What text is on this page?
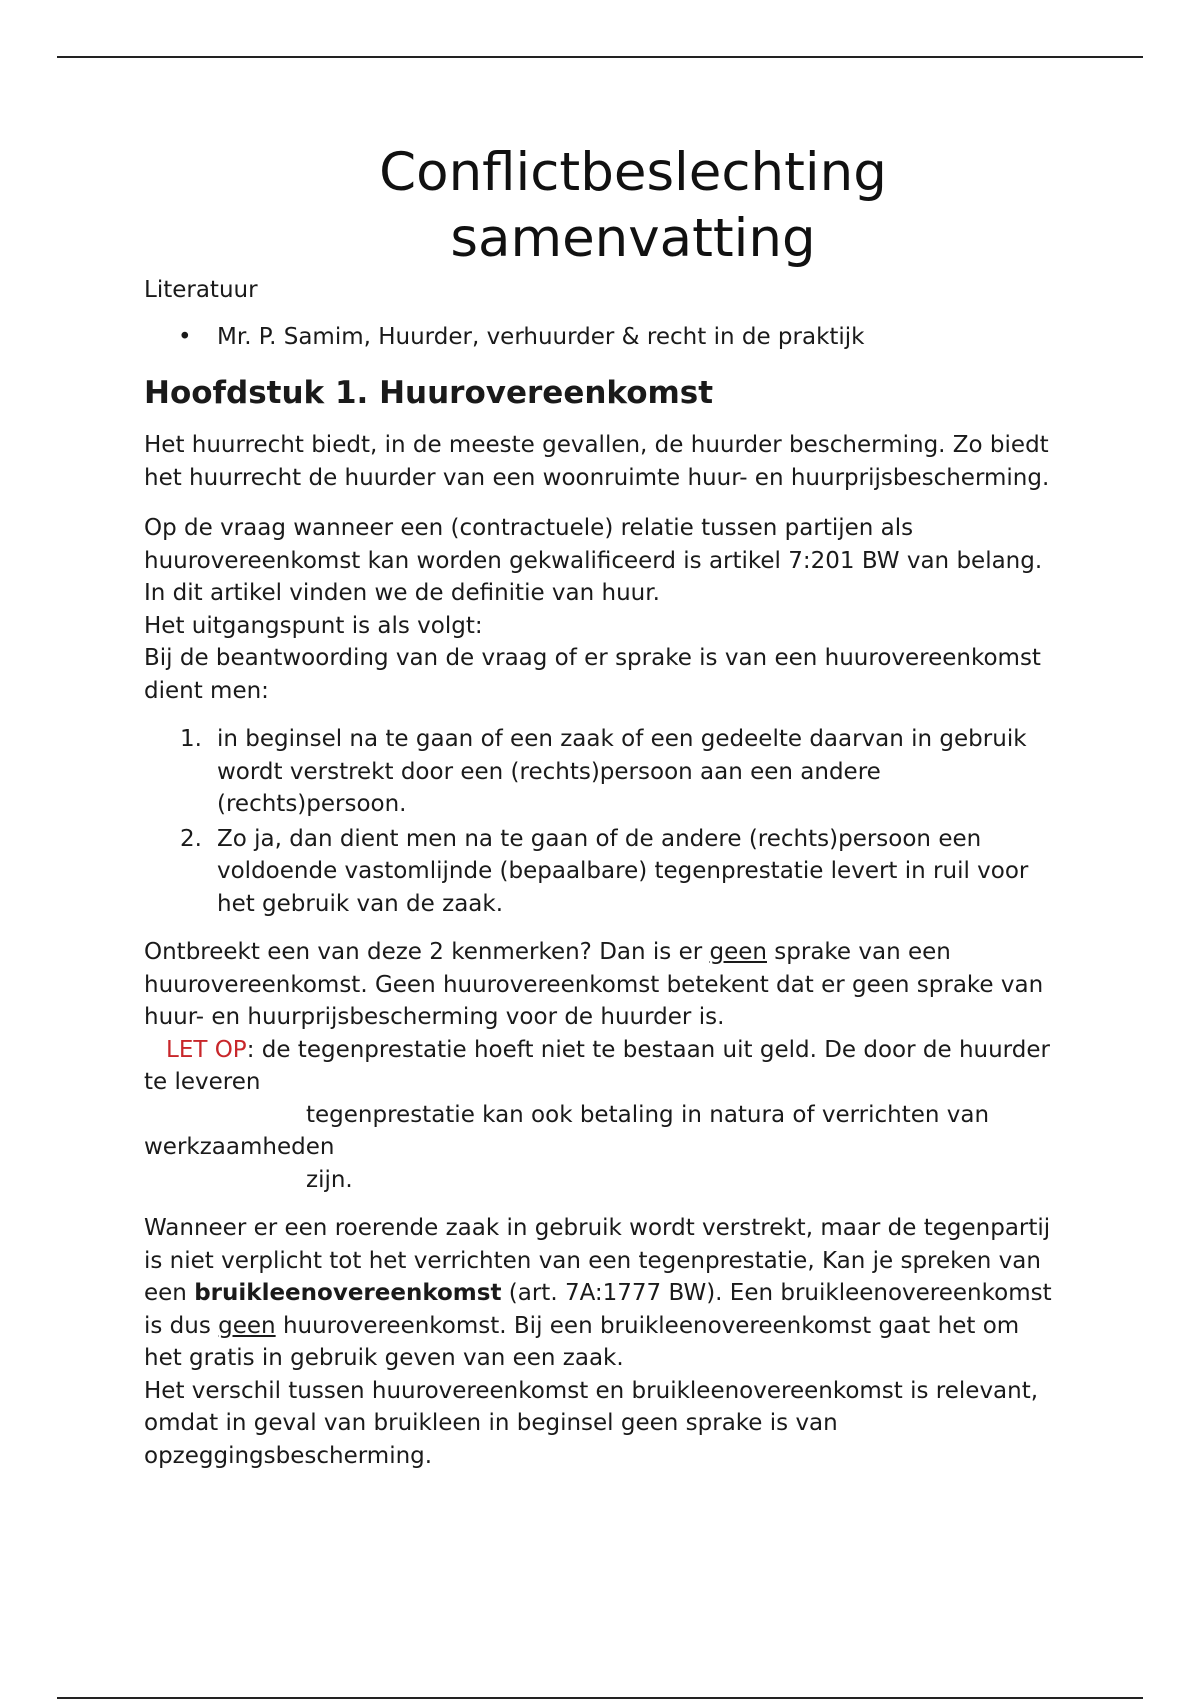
Conflictbeslechting
samenvatting

Literatuur

• Mr. P. Samim, Huurder, verhuurder & recht in de praktijk
Hoofdstuk 1. Huurovereenkomst

Het huurrecht biedt, in de meeste gevallen, de huurder bescherming. Zo biedt het huurrecht de huurder van een woonruimte huur- en huurprijsbescherming.

Op de vraag wanneer een (contractuele) relatie tussen partijen als huurovereenkomst kan worden gekwalificeerd is artikel 7:201 BW van belang. In dit artikel vinden we de definitie van huur.

Het uitgangspunt is als volgt:

Bij de beantwoording van de vraag of er sprake is van een huurovereenkomst dient men:

1. in beginsel na te gaan of een zaak of een gedeelte daarvan in gebruik wordt verstrekt door een (rechts)persoon aan een andere (rechts)persoon.
2. Zo ja, dan dient men na te gaan of de andere (rechts)persoon een voldoende vastomlijnde (bepaalbare) tegenprestatie levert in ruil voor het gebruik van de zaak.

Ontbreekt een van deze 2 kenmerken? Dan is er geen sprake van een huurovereenkomst. Geen huurovereenkomst betekent dat er geen sprake van huur- en huurprijsbescherming voor de huurder is.

LET OP: de tegenprestatie hoeft niet te bestaan uit geld. De door de huurder te leveren

tegenprestatie kan ook betaling in natura of verrichten van werkzaamheden

zijn.

Wanneer er een roerende zaak in gebruik wordt verstrekt, maar de tegenpartij is niet verplicht tot het verrichten van een tegenprestatie, Kan je spreken van een bruikleenovereenkomst (art. 7A:1777 BW). Een bruikleenovereenkomst is dus geen huurovereenkomst. Bij een bruikleenovereenkomst gaat het om het gratis in gebruik geven van een zaak.

Het verschil tussen huurovereenkomst en bruikleenovereenkomst is relevant, omdat in geval van bruikleen in beginsel geen sprake is van opzeggingsbescherming.
